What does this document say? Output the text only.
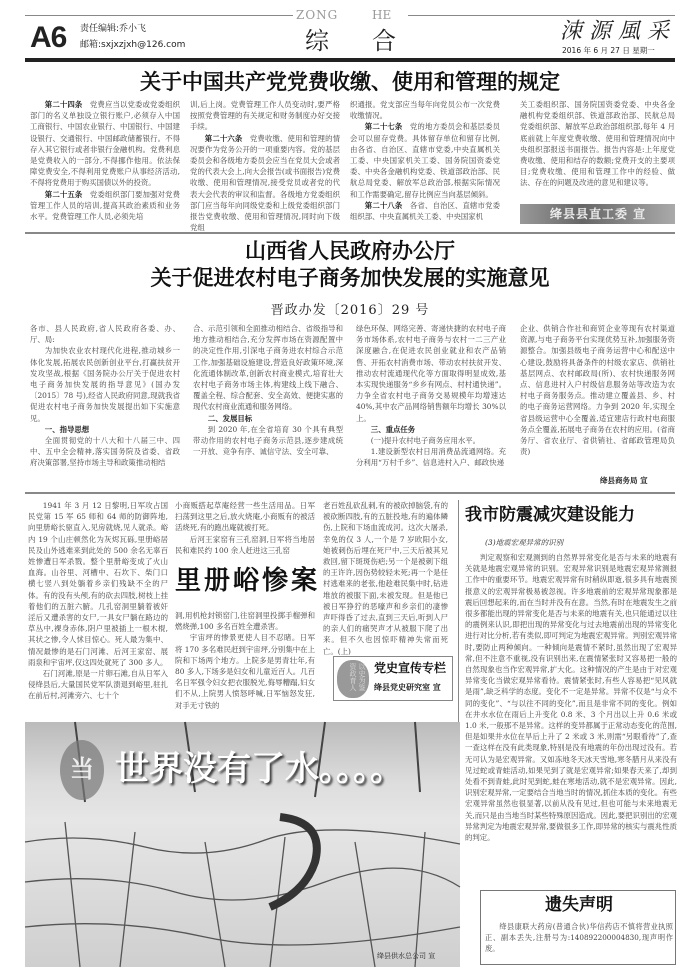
ZONG	HE
A6 责任编辑:乔小飞
邮箱:sxjxzjxh@126.com	综 合	涑 源 風 采
2016 年 6 月 27 日 星期一
关于中国共产党党费收缴、使用和管理的规定

第二十四条　党费应当以党委或党委组织部门的名义单独设立银行账户,必须存入中国工商银行、中国农业银行、中国银行、中国建设银行、交通银行、中国邮政储蓄银行。不得存入其它银行或者非银行金融机构。党费利息是党费收入的一部分,不得挪作他用。依法保障党费安全,不得利用党费账户从事经济活动,不得将党费用于购买国债以外的投资。

第二十五条　党委组织部门要加强对党费管理工作人员的培训,提高其政治素质和业务水平。党费管理工作人员,必须先培

训,后上岗。党费管理工作人员变动时,要严格按照党费管理的有关规定和财务制度办好交接手续。

第二十六条　党费收缴、使用和管理的情况要作为党务公开的一项重要内容。党的基层委员会和各级地方委员会应当在党员大会或者党的代表大会上,向大会报告(或书面报告)党费收缴、使用和管理情况,接受党员或者党的代表大会代表的审议和监督。各级地方党委组织部门应当每年向同级党委和上级党委组织部门报告党费收缴、使用和管理情况,同时向下级党组

织通报。党支部应当每年向党员公布一次党费收缴情况。

第二十七条　党的地方委员会和基层委员会可以留存党费。具体留存单位和留存比例,由各省、自治区、直辖市党委,中央直属机关工委、中央国家机关工委、国务院国资委党委、中央各金融机构党委、铁道部政治部、民航总局党委、解放军总政治部,根据实际情况和工作需要确定,留存比例应当向基层倾斜。

第二十八条　各省、自治区、直辖市党委组织部、中央直属机关工委、中央国家机

关工委组织部、国务院国资委党委、中央各金融机构党委组织部、铁道部政治部、民航总局党委组织部、解放军总政治部组织部,每年 4 月底前就上年度党费收缴、使用和管理情况向中央组织部报送书面报告。报告内容是:上年度党费收缴、使用和结存的数额;党费开支的主要项目;党费收缴、使用和管理工作中的经验、做法、存在的问题及改进的意见和建议等。

绛县县直工委 宣
山西省人民政府办公厅
关于促进农村电子商务加快发展的实施意见
晋政办发〔2016〕29 号

各市、县人民政府,省人民政府各委、办、厅、局:

为加快农业农村现代化进程,推动城乡一体化发展,拓展农民创新创业平台,打赢扶贫开发攻坚战,根据《国务院办公厅关于促进农村电子商务加快发展的指导意见》(国办发〔2015〕78 号),经省人民政府同意,现就我省促进农村电子商务加快发展提出如下实施意见。

一、指导思想

全面贯彻党的十八大和十八届三中、四中、五中全会精神,落实国务院及省委、省政府决策部署,坚持市场主导和政策推动相结

合、示范引领和全面推动相结合、省级指导和地方推动相结合,充分发挥市场在资源配置中的决定性作用,引深电子商务进农村综合示范工作,加强基础设施建设,营造良好政策环境,深化流通体制改革,创新农村商业模式,培育壮大农村电子商务市场主体,构建线上线下融合、覆盖全程、综合配套、安全高效、便捷实惠的现代农村商业流通和服务网络。

二、发展目标

到 2020 年,在全省培育 30 个具有典型带动作用的农村电子商务示范县,逐步建成统一开放、竞争有序、诚信守法、安全可靠、

绿色环保、网络完善、寄递快捷的农村电子商务市场体系,农村电子商务与农村一二三产业深度融合,在促进农民创业就业和农产品销售、开拓农村消费市场、带动农村扶贫开发、推动农村流通现代化等方面取得明显成效,基本实现快递服务“乡乡有网点、村村通快递”。力争全省农村电子商务交易规模年均增速达 40%,其中农产品网络销售额年均增长 30%以上。

三、重点任务

(一)提升农村电子商务应用水平。

1.建设新型农村日用消费品流通网络。充分利用“万村千乡”、信息进村入户、邮政快递

企业、供销合作社和商贸企业等现有农村渠道资源,与电子商务平台实现优势互补,加强服务资源整合。加强县级电子商务运营中心和配送中心建设,鼓励将具备条件的村级农家店、供销社基层网点、农村邮政局(所)、农村快递服务网点、信息进村入户村级信息服务站等改造为农村电子商务服务点。推动建立覆盖县、乡、村的电子商务运营网络。力争到 2020 年,实现全省县级运营中心全覆盖,适宜建店行政村电商服务点全覆盖,拓展电子商务在农村的应用。(省商务厅、省农业厅、省供销社、省邮政管理局负责)

绛县商务局 宣

1941 年 3 月 12 日黎明,日军攻占国民党第 15 军 65 师和 64 师的防御阵地,向里册峪长驱直入,见房就烧,见人就杀。峪内 19 个山庄顿然化为灰烬瓦砾,里册峪居民及山外逃难来到此处的 500 余名无辜百姓惨遭日军杀戮。整个里册峪变成了火山血海。山谷里、河槽中、石坎下、柴门口横七竖八到处躺着乡亲们残缺不全的尸体。有的没有头颅,有的砍去四肢,树枝上挂着他们的五脏六腑。几孔窑洞里躺着被奸淫后又遭杀害的女尸,一具女尸躺在路边的草丛中,裸身赤体,阴户里被插上一根木棍,其状之惨,令人怵目惊心。死人最为集中、情况最惨的是石门河滩、后河王家窑、展雨泉和宇宙坪,仅这四处就死了 300 多人。

石门河滩,原是一片卵石滩,自从日军入侵绛县后,大量国民党军队溃退到峪里,驻扎在前后村,河滩旁六、七十个

小商贩搭起草庵经营一些生活用品。日军扫荡到这里之后,放火烧庵,小商贩有的被活活烧死,有的跑出庵就被打死。

后河王家窑有三孔窑洞,日军将当地居民和难民约 100 余人赶进这三孔窑

里册峪惨案

洞,用机枪封锁窑门,往窑洞里投掷手榴弹和燃烧弹,100 多名百姓全遭杀害。

宇宙坪的惨景更使人目不忍睹。日军将 170 多名难民赶到宇宙坪,分别集中在上院和下场两个地方。上院多是男青壮年,有 80 多人,下场多是妇女和儿童近百人。几百名日军强令妇女把衣服脱光,侮辱糟蹋,妇女们不从,上院男人愤怒呼喊,日军恼怒发狂,对手无寸铁的

老百姓乱砍乱刺,有的被砍掉脑袋,有的被砍断四肢,有的五脏投地,有的遍体鳞伤,上院和下场血流成河。这次大屠杀,幸免的仅 3 人,一个是 7 岁欧阳小女,她被刺伤后埋在死尸中,三天后被其兄救回,留下斑斑伤疤;另一个是被刺下组的王许许,因伤势较轻未死;再一个是任村逃难来的老张,他趁难民集中时,钻进堆放的被服下面,未被发现。但是他已被日军狰狞的恶嚎声和乡亲们的凄惨声吓得昏了过去,直到三天后,听到人尸的亲人们的痛哭声才从被服下爬了出来。但不久也因惊吓精神失常而死亡。(上)

以史为鉴 资政育人	党史宣传专栏
绛县党史研究室 宣
我市防震减灾建设能力
(3)地震宏观异常的识别

判定观察和宏观测到的自然界异常变化是否与未来的地震有关就是地震宏观异常的识别。宏观异常识别是地震宏观异常测报工作中的重要环节。地震宏观异常有时稍纵即逝,很多具有地震预报意义的宏观异常极易被忽视。许多地震前的宏观异常现象都是震后回想起来的,而在当时并没有在意。当然,有时在地震发生之前很多都能出现的异常变化是否与未来的地震有关,也只能通过以往的震例来认识,即把出现的异常变化与过去地震前出现的异常变化进行对比分析,若有类似,即可判定为地震宏观异常。判别宏观异常时,要防止两种倾向。一种倾向是震情不紧时,虽然出现了宏观异常,但不注意不重视,没有识别出来,在震情紧张时又容易把一般的自然现象也当作宏观异常,扩大化。这种情况的产生是由于对宏观异常变化当做宏观异常看待。震情紧张时,有些人容易把“见风就是雨”,缺乏科学的态度。变化不一定是异常。异常不仅是“与众不同的变化”、“与以往不同的变化”,而且是非常不同的变化。例如在井水水位在雨后上升变化 0.8 米、3 个月出以上升 0.6 米或 1.0 米,一般那不是异常。这样的变异都属于正常动态变化的范围,但是如果井水位在旱后上升了 2 米或 3 米,则需“另眼看待”了,查一查这样在没有此类现象,特别是没有地震的年份出现过没有。若无可认为是宏观异常。又如冻地冬天冰天雪地,寒冬腊月从来没有见过蛇或青蛙活动,如果见到了就是宏观异常;如果春天来了,却到处看不到青蛙,此时见到蛇,蛙在寒地活动,就不是宏观异常。因此,识别宏观异常,一定要结合当地当时的情况,抓住本质的变化。有些宏观异常虽然也很显著,以前从没有见过,但也可能与未来地震无关,而只是由当地当时某些特殊原因造成。因此,要把识别出的宏观异常判定为地震宏观异常,要做很多工作,即异常的核实与震兆性质的判定。

当 世界没有了水。。。。
绛县供水总公司 宣
遗失声明
绛县康联大药房(普通合伙)华信药店不慎将营业执照正、副本丢失,注册号为:140892200004830,现声明作废。
